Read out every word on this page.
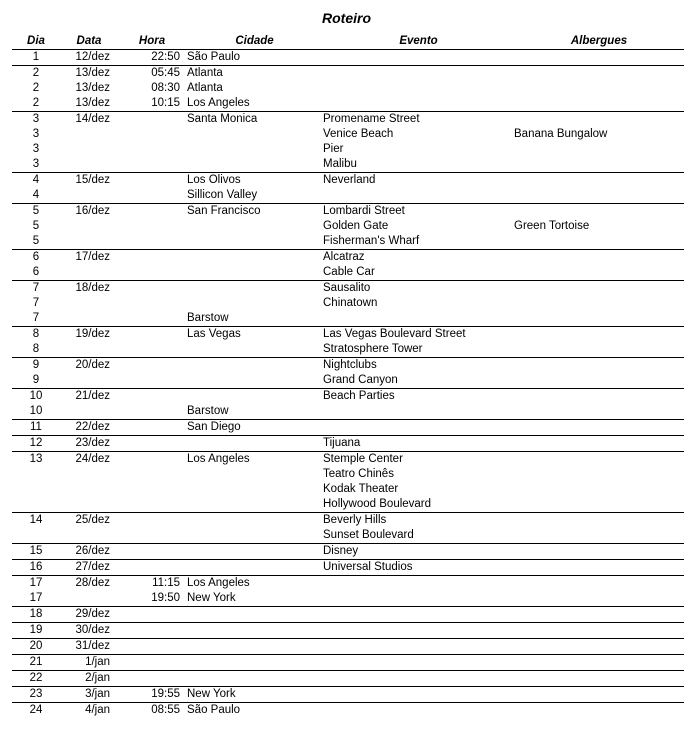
Roteiro
Dia	Data	Hora	Cidade	Evento	Albergues
1	12/dez	22:50	São Paulo		
2	13/dez	05:45	Atlanta		
2	13/dez	08:30	Atlanta		
2	13/dez	10:15	Los Angeles		
3	14/dez		Santa Monica	Promename Street	
3				Venice Beach	Banana Bungalow
3				Pier	
3				Malibu	
4	15/dez		Los Olivos	Neverland	
4			Sillicon Valley		
5	16/dez		San Francisco	Lombardi Street	
5				Golden Gate	Green Tortoise
5				Fisherman's Wharf	
6	17/dez			Alcatraz	
6				Cable Car	
7	18/dez			Sausalito	
7				Chinatown	
7			Barstow		
8	19/dez		Las Vegas	Las Vegas Boulevard Street	
8				Stratosphere Tower	
9	20/dez			Nightclubs	
9				Grand Canyon	
10	21/dez			Beach Parties	
10			Barstow		
11	22/dez		San Diego		
12	23/dez			Tijuana	
13	24/dez		Los Angeles	Stemple Center	
				Teatro Chinês	
				Kodak Theater	
				Hollywood Boulevard	
14	25/dez			Beverly Hills	
				Sunset Boulevard	
15	26/dez			Disney	
16	27/dez			Universal Studios	
17	28/dez	11:15	Los Angeles		
17		19:50	New York		
18	29/dez				
19	30/dez				
20	31/dez				
21	1/jan				
22	2/jan				
23	3/jan	19:55	New York		
24	4/jan	08:55	São Paulo		
